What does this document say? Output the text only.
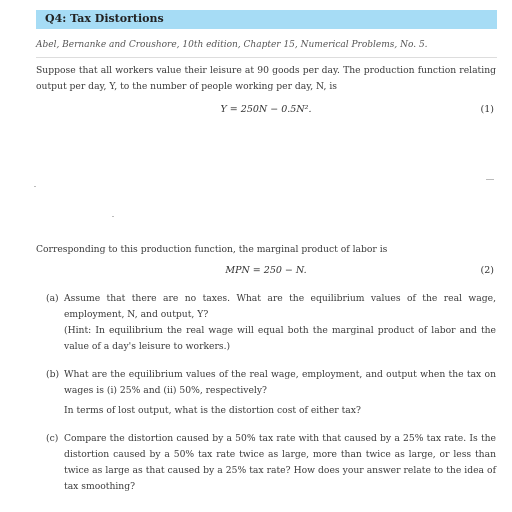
Q4: Tax Distortions
Abel, Bernanke and Croushore, 10th edition, Chapter 15, Numerical Problems, No. 5.
Suppose that all workers value their leisure at 90 goods per day. The production function relating output per day, Y, to the number of people working per day, N, is
Y = 250N − 0.5N².	(1)
Corresponding to this production function, the marginal product of labor is
MPN = 250 − N.	(2)
(a) Assume that there are no taxes. What are the equilibrium values of the real wage, employment, N, and output, Y?
(Hint: In equilibrium the real wage will equal both the marginal product of labor and the value of a day's leisure to workers.)
(b) What are the equilibrium values of the real wage, employment, and output when the tax on wages is (i) 25% and (ii) 50%, respectively?
In terms of lost output, what is the distortion cost of either tax?
(c) Compare the distortion caused by a 50% tax rate with that caused by a 25% tax rate. Is the distortion caused by a 50% tax rate twice as large, more than twice as large, or less than twice as large as that caused by a 25% tax rate? How does your answer relate to the idea of tax smoothing?
